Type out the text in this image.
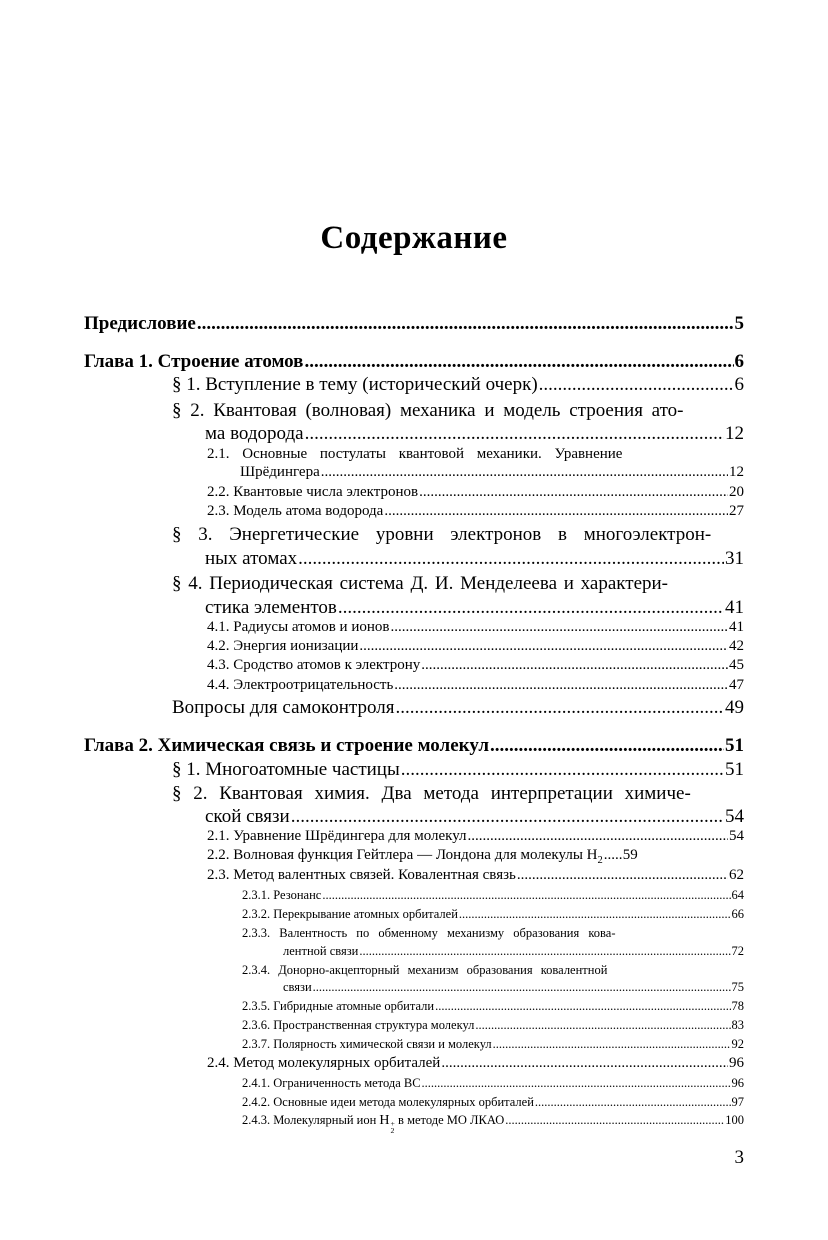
Содержание
Предисловие .....	5
Глава 1. Строение атомов .....	6
§ 1. Вступление в тему (исторический очерк) .....	6
§ 2. Квантовая (волновая) механика и модель строения ато-
ма водорода .....	12
2.1. Основные постулаты квантовой механики. Уравнение
Шрёдингера .....	12
2.2. Квантовые числа электронов .....	20
2.3. Модель атома водорода .....	27
§ 3. Энергетические уровни электронов в многоэлектрон-
ных атомах .....	31
§ 4. Периодическая система Д. И. Менделеева и характери-
стика элементов .....	41
4.1. Радиусы атомов и ионов .....	41
4.2. Энергия ионизации .....	42
4.3. Сродство атомов к электрону .....	45
4.4. Электроотрицательность .....	47
Вопросы для самоконтроля .....	49
Глава 2. Химическая связь и строение молекул .....	51
§ 1. Многоатомные частицы .....	51
§ 2. Квантовая химия. Два метода интерпретации химиче-
ской связи .....	54
2.1. Уравнение Шрёдингера для молекул .....	54
2.2. Волновая функция Гейтлера — Лондона для молекулы $H_2$ ..... 59
2.3. Метод валентных связей. Ковалентная связь .....	62
2.3.1. Резонанс .....	64
2.3.2. Перекрывание атомных орбиталей .....	66
2.3.3. Валентность по обменному механизму образования кова-
лентной связи .....	72
2.3.4. Донорно-акцепторный механизм образования ковалентной
связи .....	75
2.3.5. Гибридные атомные орбитали .....	78
2.3.6. Пространственная структура молекул .....	83
2.3.7. Полярность химической связи и молекул .....	92
2.4. Метод молекулярных орбиталей .....	96
2.4.1. Ограниченность метода ВС .....	96
2.4.2. Основные идеи метода молекулярных орбиталей .....	97
2.4.3. Молекулярный ион H +
2
в методе МО ЛКАО .....	100
3
